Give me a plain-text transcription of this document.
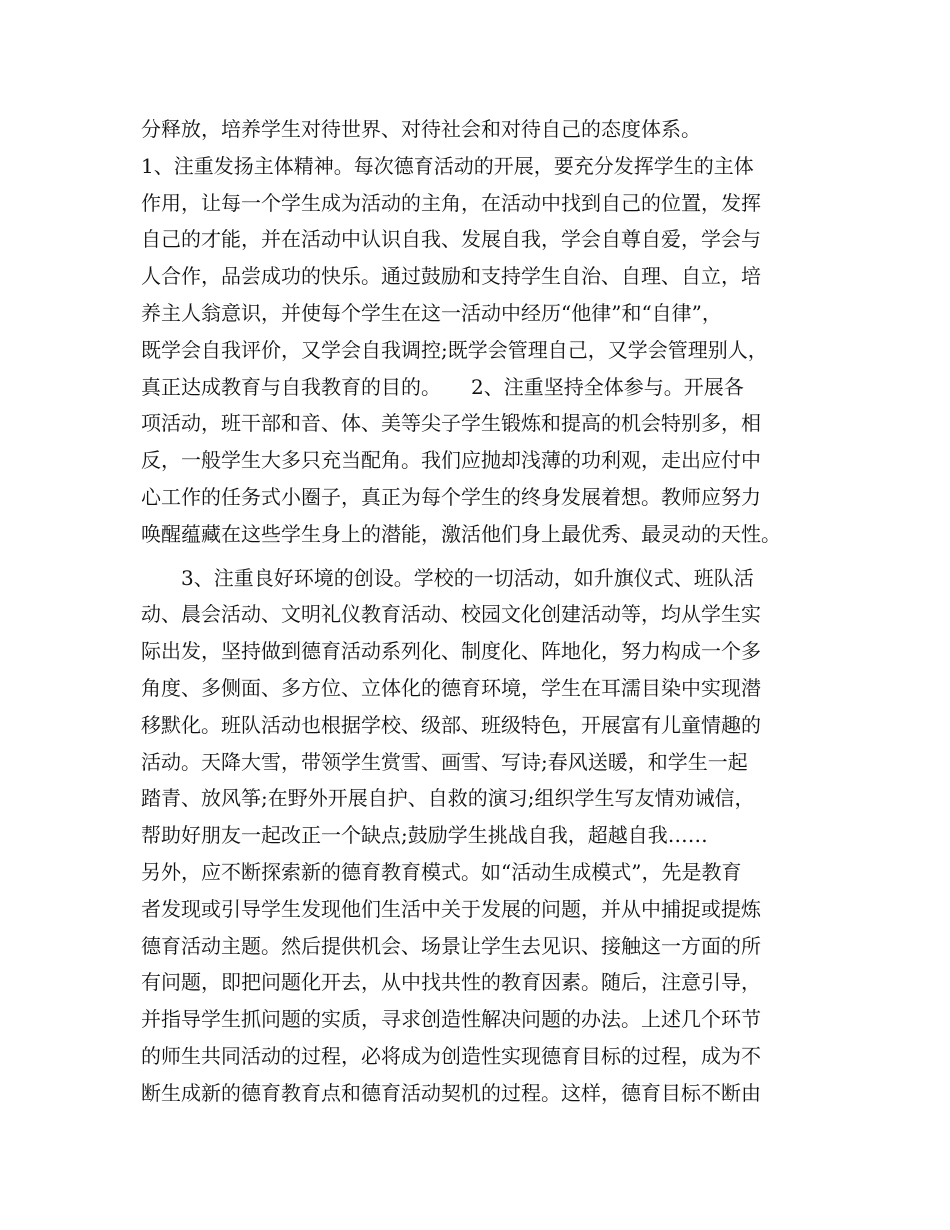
分释放，培养学生对待世界、对待社会和对待自己的态度体系。
1、注重发扬主体精神。每次德育活动的开展，要充分发挥学生的主体
作用，让每一个学生成为活动的主角，在活动中找到自己的位置，发挥
自己的才能，并在活动中认识自我、发展自我，学会自尊自爱，学会与
人合作，品尝成功的快乐。通过鼓励和支持学生自治、自理、自立，培
养主人翁意识，并使每个学生在这一活动中经历“他律”和“自律”，
既学会自我评价，又学会自我调控;既学会管理自己，又学会管理别人，
真正达成教育与自我教育的目的。　　2、注重坚持全体参与。开展各
项活动，班干部和音、体、美等尖子学生锻炼和提高的机会特别多，相
反，一般学生大多只充当配角。我们应抛却浅薄的功利观，走出应付中
心工作的任务式小圈子，真正为每个学生的终身发展着想。教师应努力
唤醒蕴藏在这些学生身上的潜能，激活他们身上最优秀、最灵动的天性。
　　3、注重良好环境的创设。学校的一切活动，如升旗仪式、班队活
动、晨会活动、文明礼仪教育活动、校园文化创建活动等，均从学生实
际出发，坚持做到德育活动系列化、制度化、阵地化，努力构成一个多
角度、多侧面、多方位、立体化的德育环境，学生在耳濡目染中实现潜
移默化。班队活动也根据学校、级部、班级特色，开展富有儿童情趣的
活动。天降大雪，带领学生赏雪、画雪、写诗;春风送暖，和学生一起
踏青、放风筝;在野外开展自护、自救的演习;组织学生写友情劝诫信，
帮助好朋友一起改正一个缺点;鼓励学生挑战自我，超越自我……
另外，应不断探索新的德育教育模式。如“活动生成模式”，先是教育
者发现或引导学生发现他们生活中关于发展的问题，并从中捕捉或提炼
德育活动主题。然后提供机会、场景让学生去见识、接触这一方面的所
有问题，即把问题化开去，从中找共性的教育因素。随后，注意引导，
并指导学生抓问题的实质，寻求创造性解决问题的办法。上述几个环节
的师生共同活动的过程，必将成为创造性实现德育目标的过程，成为不
断生成新的德育教育点和德育活动契机的过程。这样，德育目标不断由
